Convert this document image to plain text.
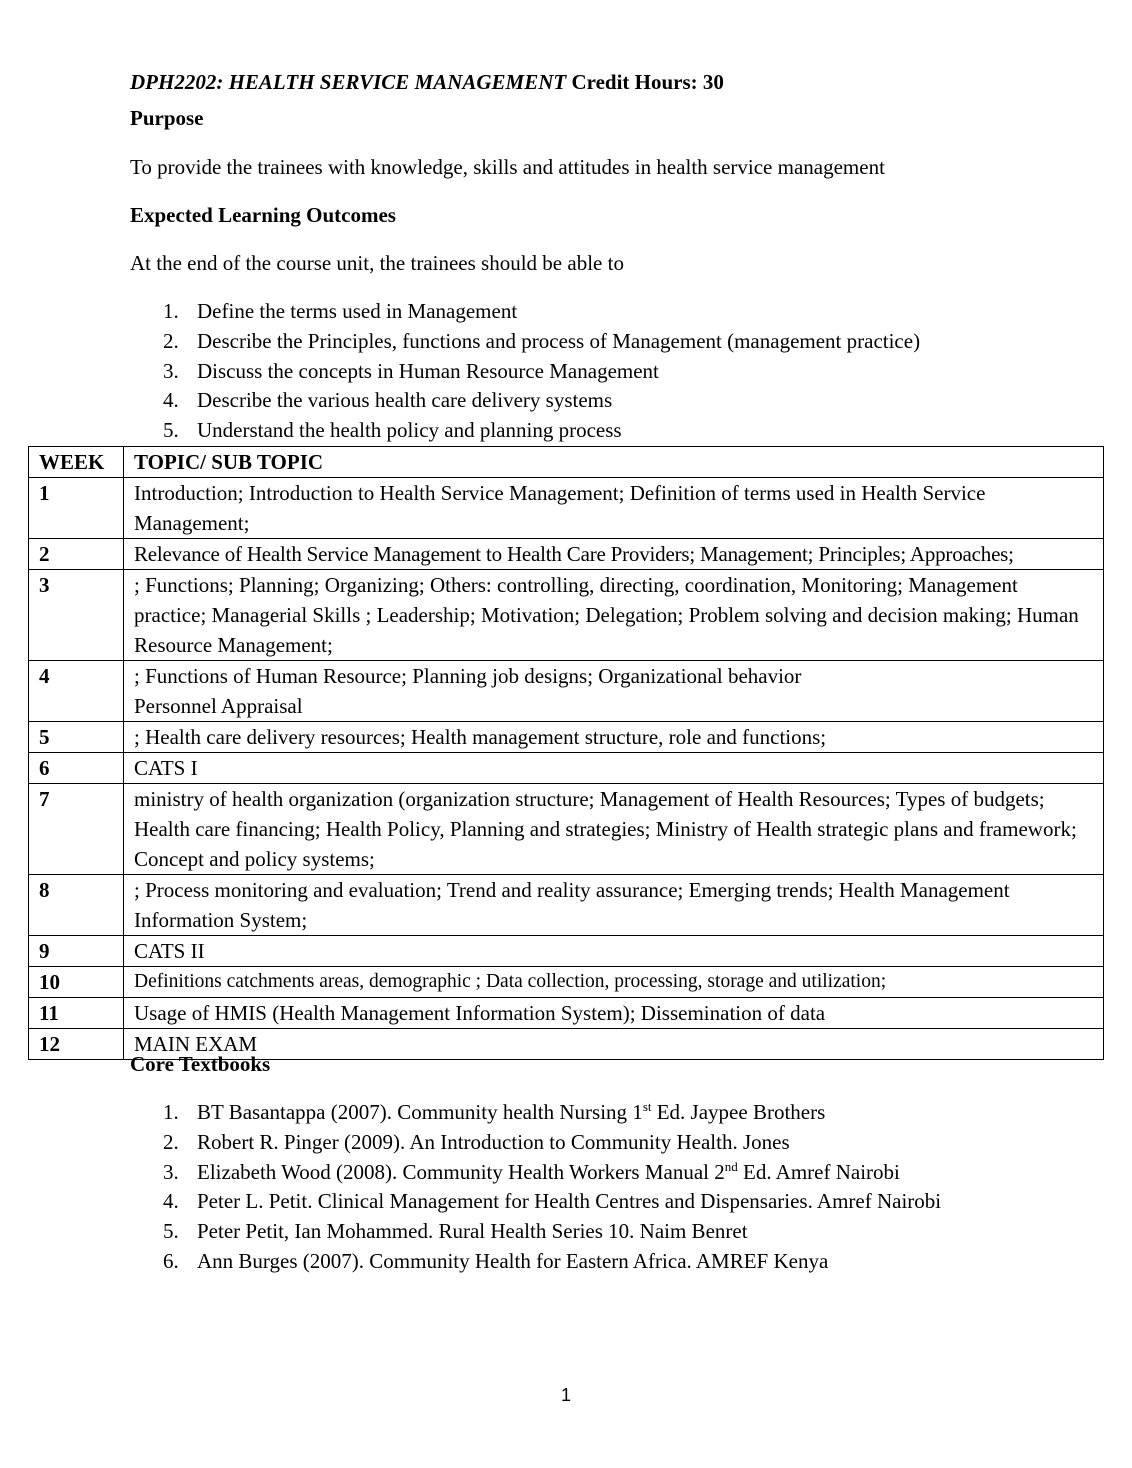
DPH2202: HEALTH SERVICE MANAGEMENT Credit Hours: 30
Purpose
To provide the trainees with knowledge, skills and attitudes in health service management
Expected Learning Outcomes
At the end of the course unit, the trainees should be able to
1. Define the terms used in Management
2. Describe the Principles, functions and process of Management (management practice)
3. Discuss the concepts in Human Resource Management
4. Describe the various health care delivery systems
5. Understand the health policy and planning process
WEEK	TOPIC/ SUB TOPIC
1	Introduction; Introduction to Health Service Management; Definition of terms used in Health Service Management;
2	Relevance of Health Service Management to Health Care Providers; Management; Principles; Approaches;
3	; Functions; Planning; Organizing; Others: controlling, directing, coordination, Monitoring; Management practice; Managerial Skills ; Leadership; Motivation; Delegation; Problem solving and decision making; Human Resource Management;
4	; Functions of Human Resource; Planning job designs; Organizational behavior
Personnel Appraisal

5	; Health care delivery resources; Health management structure, role and functions;
6	CATS I
7	ministry of health organization (organization structure; Management of Health Resources; Types of budgets; Health care financing; Health Policy, Planning and strategies; Ministry of Health strategic plans and framework; Concept and policy systems;
8	; Process monitoring and evaluation; Trend and reality assurance; Emerging trends; Health Management Information System;
9	CATS II
10	Definitions catchments areas, demographic ; Data collection, processing, storage and utilization;
11	Usage of HMIS (Health Management Information System); Dissemination of data
12	MAIN EXAM
Core Textbooks
1. BT Basantappa (2007). Community health Nursing 1st Ed. Jaypee Brothers
2. Robert R. Pinger (2009). An Introduction to Community Health. Jones
3. Elizabeth Wood (2008). Community Health Workers Manual 2nd Ed. Amref Nairobi
4. Peter L. Petit. Clinical Management for Health Centres and Dispensaries. Amref Nairobi
5. Peter Petit, Ian Mohammed. Rural Health Series 10. Naim Benret
6. Ann Burges (2007). Community Health for Eastern Africa. AMREF Kenya
1
